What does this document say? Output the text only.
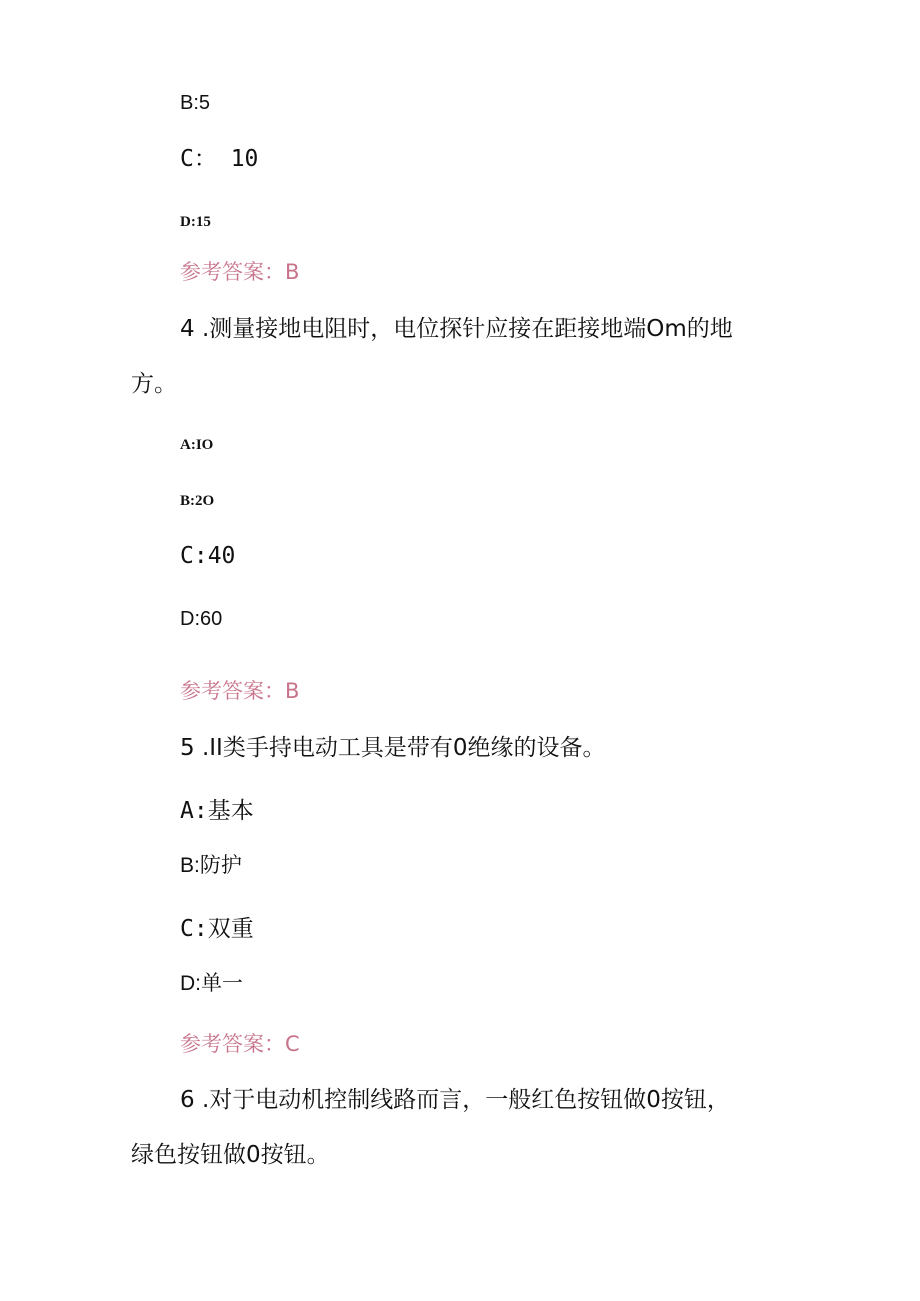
B:5

C： 10

D:15

参考答案：B

4 .测量接地电阻时，电位探针应接在距接地端Om的地

方。

A:IO

B:2O

C:40

D:60

参考答案：B

5 .II类手持电动工具是带有0绝缘的设备。

A:基本

B:防护

C:双重

D:单一

参考答案：C

6 .对于电动机控制线路而言，一般红色按钮做0按钮，

绿色按钮做0按钮。
